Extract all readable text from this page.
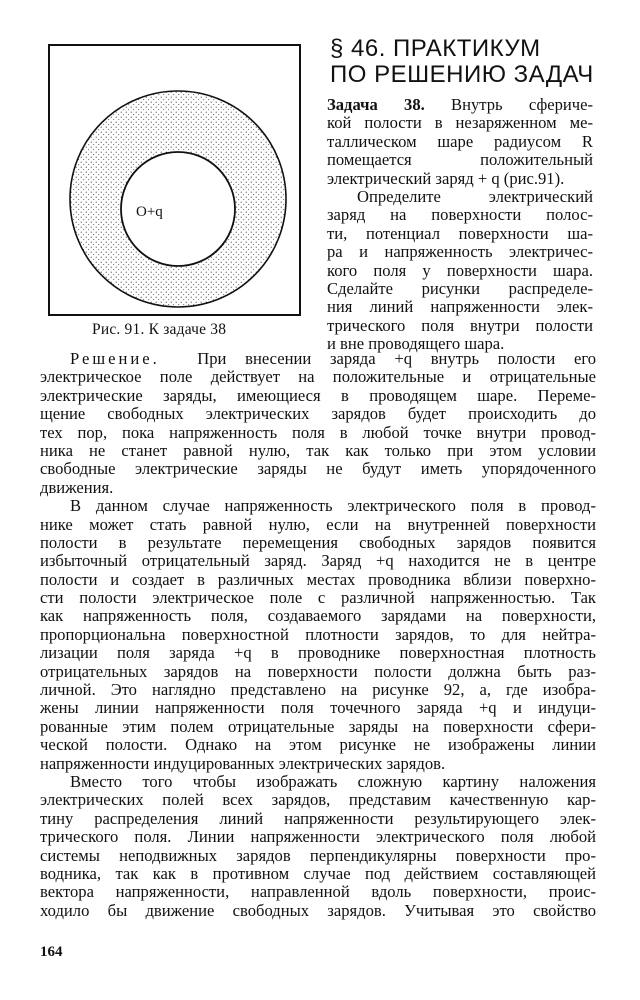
O+q
Рис. 91. К задаче 38
§ 46. ПРАКТИКУМ
ПО РЕШЕНИЮ ЗАДАЧ
Задача 38. Внутрь сфериче-
кой полости в незаряженном ме-
таллическом шаре радиусом R
помещается положительный
электрический заряд + q (рис.91).
Определите электрический
заряд на поверхности полос-
ти, потенциал поверхности ша-
ра и напряженность электричес-
кого поля у поверхности шара.
Сделайте рисунки распределе-
ния линий напряженности элек-
трического поля внутри полости
и вне проводящего шара.
Решение. При внесении заряда +q внутрь полости его
электрическое поле действует на положительные и отрицательные
электрические заряды, имеющиеся в проводящем шаре. Переме-
щение свободных электрических зарядов будет происходить до
тех пор, пока напряженность поля в любой точке внутри провод-
ника не станет равной нулю, так как только при этом условии
свободные электрические заряды не будут иметь упорядоченного
движения.
В данном случае напряженность электрического поля в провод-
нике может стать равной нулю, если на внутренней поверхности
полости в результате перемещения свободных зарядов появится
избыточный отрицательный заряд. Заряд +q находится не в центре
полости и создает в различных местах проводника вблизи поверхно-
сти полости электрическое поле с различной напряженностью. Так
как напряженность поля, создаваемого зарядами на поверхности,
пропорциональна поверхностной плотности зарядов, то для нейтра-
лизации поля заряда +q в проводнике поверхностная плотность
отрицательных зарядов на поверхности полости должна быть раз-
личной. Это наглядно представлено на рисунке 92, а, где изобра-
жены линии напряженности поля точечного заряда +q и индуци-
рованные этим полем отрицательные заряды на поверхности сфери-
ческой полости. Однако на этом рисунке не изображены линии
напряженности индуцированных электрических зарядов.
Вместо того чтобы изображать сложную картину наложения
электрических полей всех зарядов, представим качественную кар-
тину распределения линий напряженности результирующего элек-
трического поля. Линии напряженности электрического поля любой
системы неподвижных зарядов перпендикулярны поверхности про-
водника, так как в противном случае под действием составляющей
вектора напряженности, направленной вдоль поверхности, проис-
ходило бы движение свободных зарядов. Учитывая это свойство
164
